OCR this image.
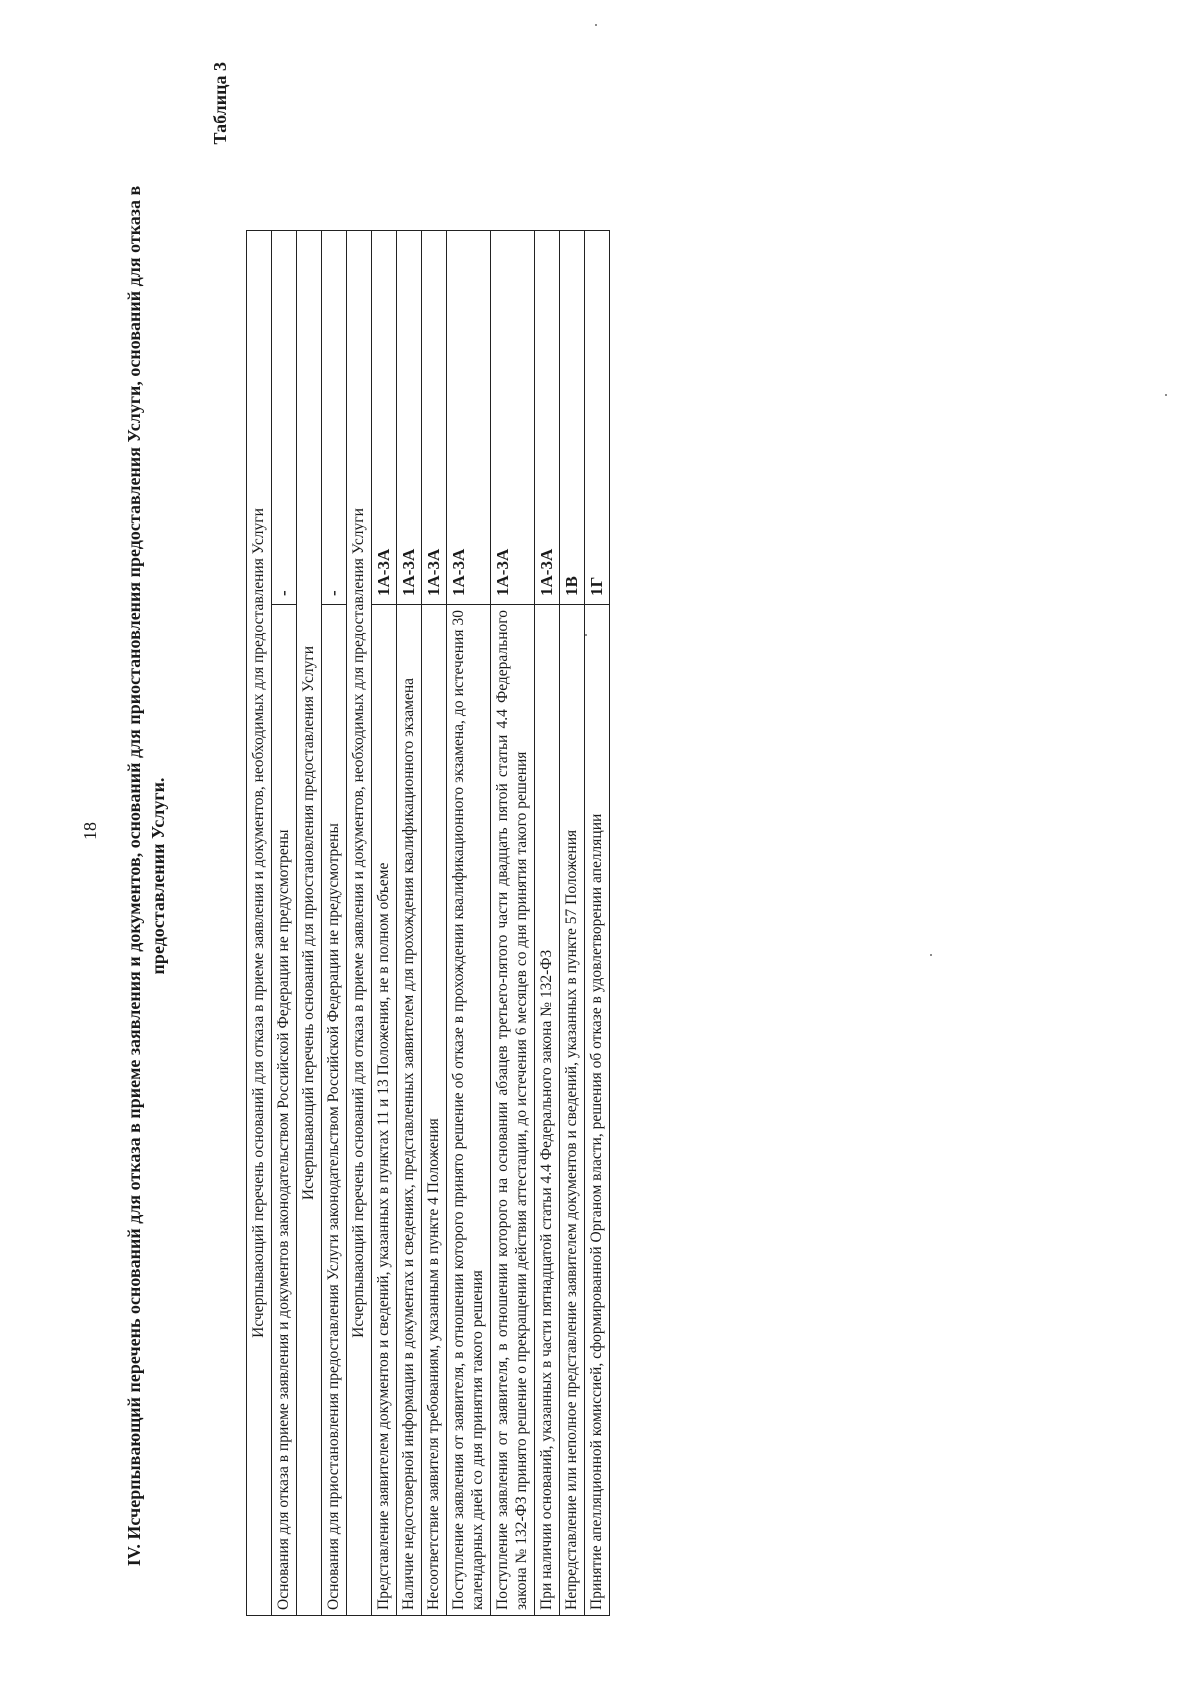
18 IV. Исчерпывающий перечень оснований для отказа в приеме заявления и документов, оснований для приостановления предоставления Услуги, оснований для отказа в предоставлении Услуги.
Таблица 3
Исчерпывающий перечень оснований для отказа в приеме заявления и документов, необходимых для предоставления Услуги	
Основания для отказа в приеме заявления и документов законодательством Российской Федерации не предусмотрены	-
Исчерпывающий перечень оснований для приостановления предоставления Услуги	
Основания для приостановления предоставления Услуги законодательством Российской Федерации не предусмотрены	-
Исчерпывающий перечень оснований для отказа в приеме заявления и документов, необходимых для предоставления Услуги	
Представление заявителем документов и сведений, указанных в пунктах 11 и 13 Положения, не в полном объеме	1А-3А
Наличие недостоверной информации в документах и сведениях, представленных заявителем для прохождения квалификационного экзамена	1А-3А
Несоответствие заявителя требованиям, указанным в пункте 4 Положения	1А-3А
Поступление заявления от заявителя, в отношении которого принято решение об отказе в прохождении квалификационного экзамена, до истечения 30 календарных дней со дня принятия такого решения	1А-3А
Поступление заявления от заявителя, в отношении которого на основании абзацев третьего-пятого части двадцать пятой статьи 4.4 Федерального закона № 132-ФЗ принято решение о прекращении действия аттестации, до истечения 6 месяцев со дня принятия такого решения	1А-3А
При наличии оснований, указанных в части пятнадцатой статьи 4.4 Федерального закона № 132-ФЗ	1А-3А
Непредставление или неполное представление заявителем документов и сведений, указанных в пункте 57 Положения	1В
Принятие апелляционной комиссией, сформированной Органом власти, решения об отказе в удовлетворении апелляции	1Г
